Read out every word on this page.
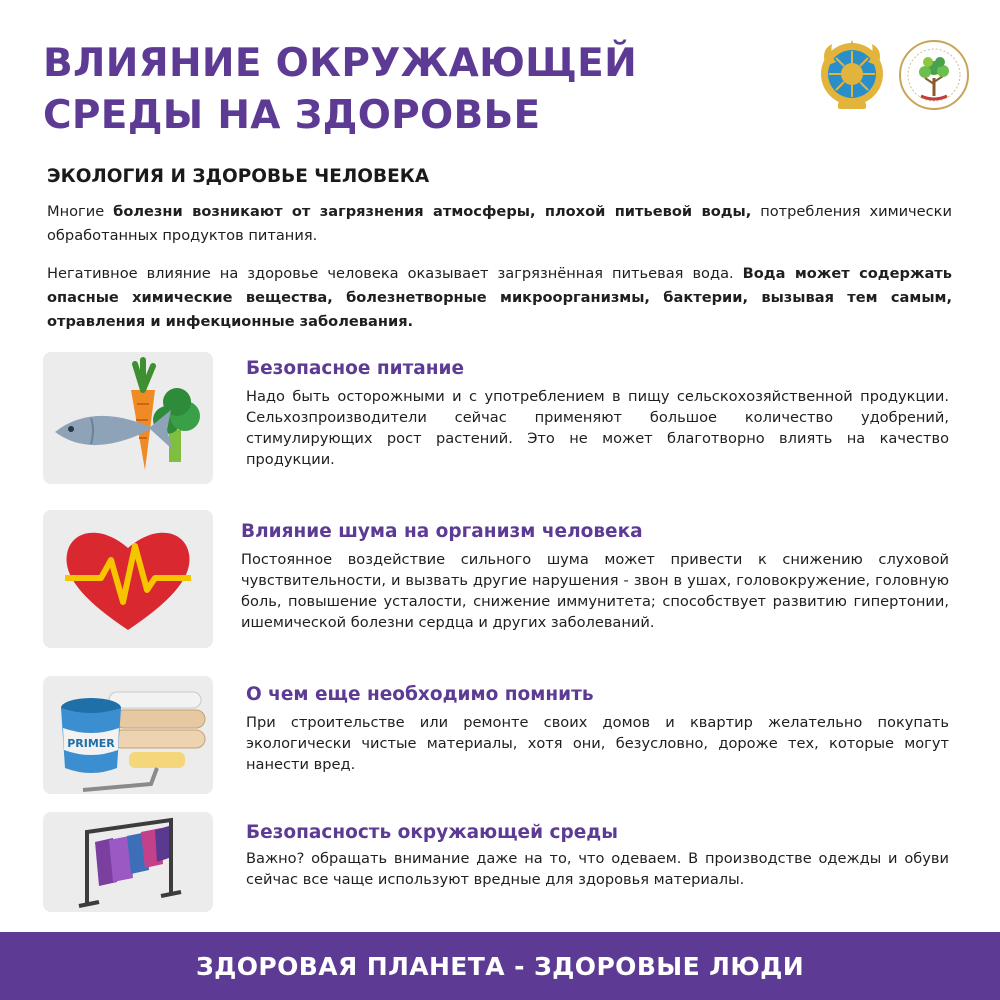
ВЛИЯНИЕ ОКРУЖАЮЩЕЙ
СРЕДЫ НА ЗДОРОВЬЕ
ЭКОЛОГИЯ И ЗДОРОВЬЕ ЧЕЛОВЕКА

Многие болезни возникают от загрязнения атмосферы, плохой питьевой воды, потребления химически обработанных продуктов питания.

Негативное влияние на здоровье человека оказывает загрязнённая питьевая вода. Вода может содержать опасные химические вещества, болезнетворные микроорганизмы, бактерии, вызывая тем самым, отравления и инфекционные заболевания.

Безопасное питание

Надо быть осторожными и с употреблением в пищу сельскохозяйственной продукции. Сельхозпроизводители сейчас применяют большое количество удобрений, стимулирующих рост растений. Это не может благотворно влиять на качество продукции.

Влияние шума на организм человека

Постоянное воздействие сильного шума может привести к снижению слуховой чувствительности, и вызвать другие нарушения - звон в ушах, головокружение, головную боль, повышение усталости, снижение иммунитета; способствует развитию гипертонии, ишемической болезни сердца и других заболеваний.

PRIMER
О чем еще необходимо помнить

При строительстве или ремонте своих домов и квартир желательно покупать экологически чистые материалы, хотя они, безусловно, дороже тех, которые могут нанести вред.

Безопасность окружающей среды

Важно? обращать внимание даже на то, что одеваем. В производстве одежды и обуви сейчас все чаще используют вредные для здоровья материалы.

ЗДОРОВАЯ ПЛАНЕТА - ЗДОРОВЫЕ ЛЮДИ
